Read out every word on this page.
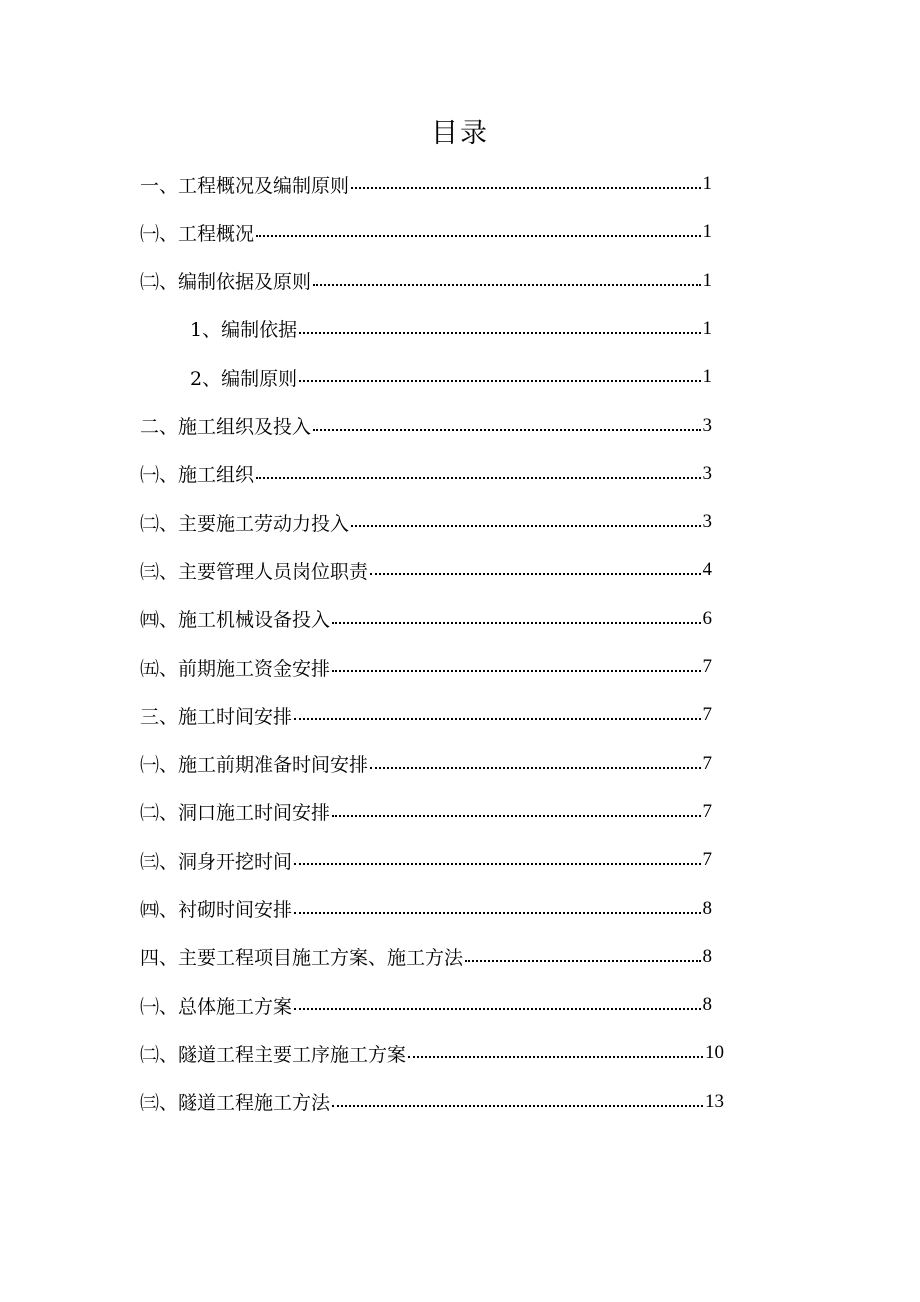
目录
一、工程概况及编制原则	1
㈠、工程概况	1
㈡、编制依据及原则	1
1、编制依据	1
2、编制原则	1
二、施工组织及投入	3
㈠、施工组织	3
㈡、主要施工劳动力投入	3
㈢、主要管理人员岗位职责	4
㈣、施工机械设备投入	6
㈤、前期施工资金安排	7
三、施工时间安排	7
㈠、施工前期准备时间安排	7
㈡、洞口施工时间安排	7
㈢、洞身开挖时间	7
㈣、衬砌时间安排	8
四、主要工程项目施工方案、施工方法	8
㈠、总体施工方案	8
㈡、隧道工程主要工序施工方案	10
㈢、隧道工程施工方法	13
